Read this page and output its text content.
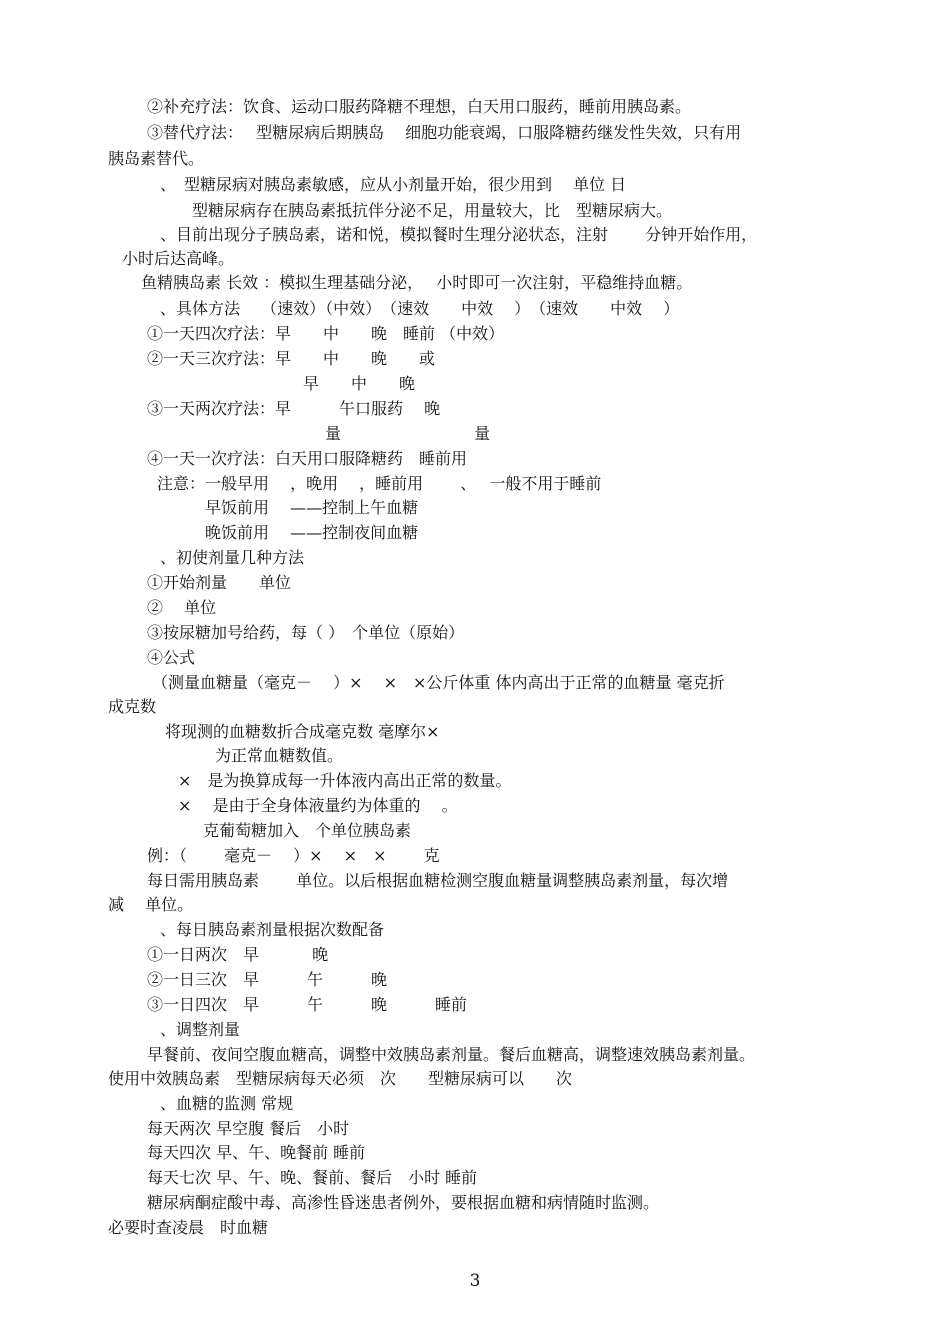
②补充疗法：饮食、运动口服药降糖不理想，白天用口服药，睡前用胰岛素。
③替代疗法：　 型糖尿病后期胰岛　 细胞功能衰竭，口服降糖药继发性失效，只有用
胰岛素替代。
、　型糖尿病对胰岛素敏感，应从小剂量开始，很少用到　 单位 日
型糖尿病存在胰岛素抵抗伴分泌不足，用量较大，比　型糖尿病大。
、目前出现分子胰岛素，诺和悦，模拟餐时生理分泌状态，注射　　 分钟开始作用，
小时后达高峰。
鱼精胰岛素 长效 ：模拟生理基础分泌，　 小时即可一次注射，平稳维持血糖。
、具体方法　 （速效）（中效）　（速效　　中效　 ）　（速效　　中效　 ）
①一天四次疗法：早　　中　　晚　睡前 （中效）
②一天三次疗法：早　　中　　晚　　或
早　　中　　晚
③一天两次疗法：早　　　午口服药　 晚
量　　　　　　　　 量
④一天一次疗法：白天用口服降糖药　睡前用
注意：一般早用　 ，晚用　 ，睡前用　　 、　 一般不用于睡前
早饭前用　 ——控制上午血糖
晚饭前用　 ——控制夜间血糖
、初使剂量几种方法
①开始剂量　　单位
②　 单位
③按尿糖加号给药，每（ ）　个单位（原始）
④公式
（测量血糖量（毫克－　 ）×　 ×　×公斤体重 体内高出于正常的血糖量 毫克折
成克数
将现测的血糖数折合成毫克数 毫摩尔×
为正常血糖数值。
×　是为换算成每一升体液内高出正常的数量。
×　 是由于全身体液量约为体重的　 。
克葡萄糖加入　个单位胰岛素
例：（　　 毫克－　 ）×　 ×　×　　 克
每日需用胰岛素　　 单位。以后根据血糖检测空腹血糖量调整胰岛素剂量，每次增
减　 单位。
、每日胰岛素剂量根据次数配备
①一日两次　早　　　 晚
②一日三次　早　　　午　　　晚
③一日四次　早　　　午　　　晚　　　睡前
、调整剂量
早餐前、夜间空腹血糖高，调整中效胰岛素剂量。餐后血糖高，调整速效胰岛素剂量。
使用中效胰岛素　型糖尿病每天必须　次　　型糖尿病可以　　次
、血糖的监测 常规
每天两次 早空腹 餐后　小时
每天四次 早、午、晚餐前 睡前
每天七次 早、午、晚、餐前、餐后　小时 睡前
糖尿病酮症酸中毒、高渗性昏迷患者例外，要根据血糖和病情随时监测。
必要时查凌晨　时血糖
3
